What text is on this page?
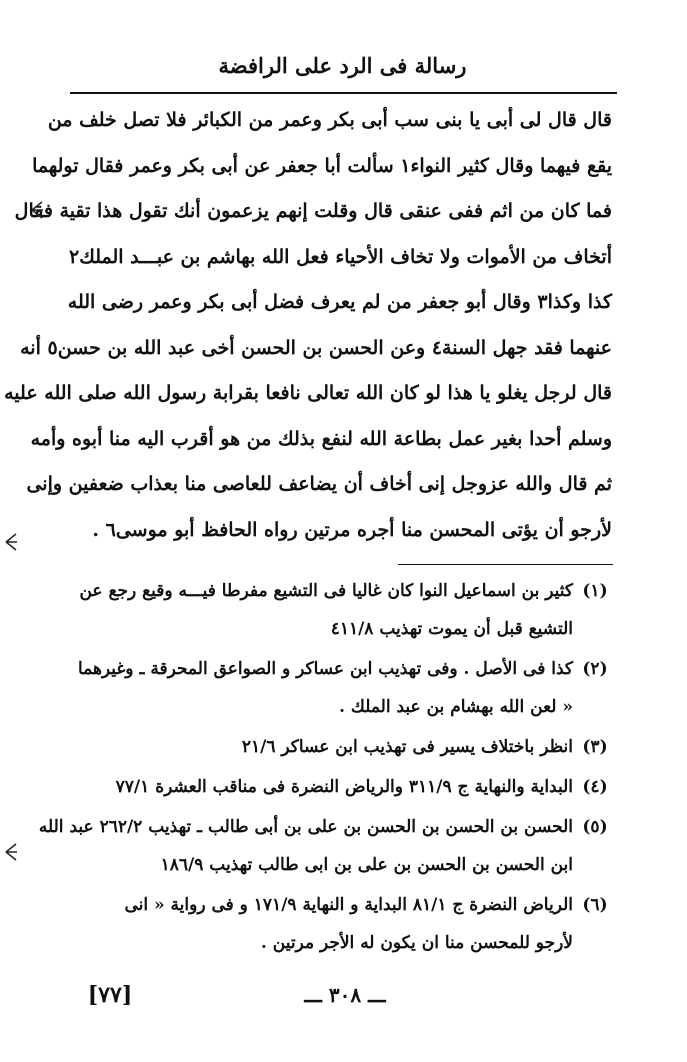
رسالة فى الرد على الرافضة

قال قال لى أبى يا بنى سب أبى بكر وعمر من الكبائر فلا تصل خلف من

يقع فيهما وقال كثير النواء١ سألت أبا جعفر عن أبى بكر وعمر فقال تولهما

فما كان من اثم ففى عنقى قال وقلت إنهم يزعمون أنك تقول هذا تقية فقال

أتخاف من الأموات ولا تخاف الأحياء فعل الله بهاشم بن عبـــد الملك٢

كذا وكذا٣ وقال أبو جعفر من لم يعرف فضل أبى بكر وعمر رضى الله

عنهما فقد جهل السنة٤ وعن الحسن بن الحسن أخى عبد الله بن حسن٥ أنه

قال لرجل يغلو يا هذا لو كان الله تعالى نافعا بقرابة رسول الله صلى الله عليه

وسلم أحدا بغير عمل بطاعة الله لنفع بذلك من هو أقرب اليه منا أبوه وأمه

ثم قال والله عزوجل إنى أخاف أن يضاعف للعاصى منا بعذاب ضعفين وإنى

لأرجو أن يؤتى المحسن منا أجره مرتين رواه الحافظ أبو موسى٦ .

(١)
كثير بن اسماعيل النوا كان غاليا فى التشيع مفرطا فيـــه وقيع رجع عن
التشيع قبل أن يموت تهذيب ٤١١/٨
(٢)
كذا فى الأصل . وفى تهذيب ابن عساكر و الصواعق المحرقة ـ وغيرهما
« لعن الله بهشام بن عبد الملك .
(٣)
انظر باختلاف يسير فى تهذيب ابن عساكر ٢١/٦
(٤)
البداية والنهاية ج ٣١١/٩ والرياض النضرة فى مناقب العشرة ٧٧/١
(٥)
الحسن بن الحسن بن الحسن بن على بن أبى طالب ـ تهذيب ٢٦٢/٢ عبد الله
ابن الحسن بن الحسن بن على بن ابى طالب تهذيب ١٨٦/٩
(٦)
الرياض النضرة ج ٨١/١ البداية و النهاية ١٧١/٩ و فى رواية « انى
لأرجو للمحسن منا ان يكون له الأجر مرتين .
ـــ ٣٠٨ ـــ
[٧٧]
